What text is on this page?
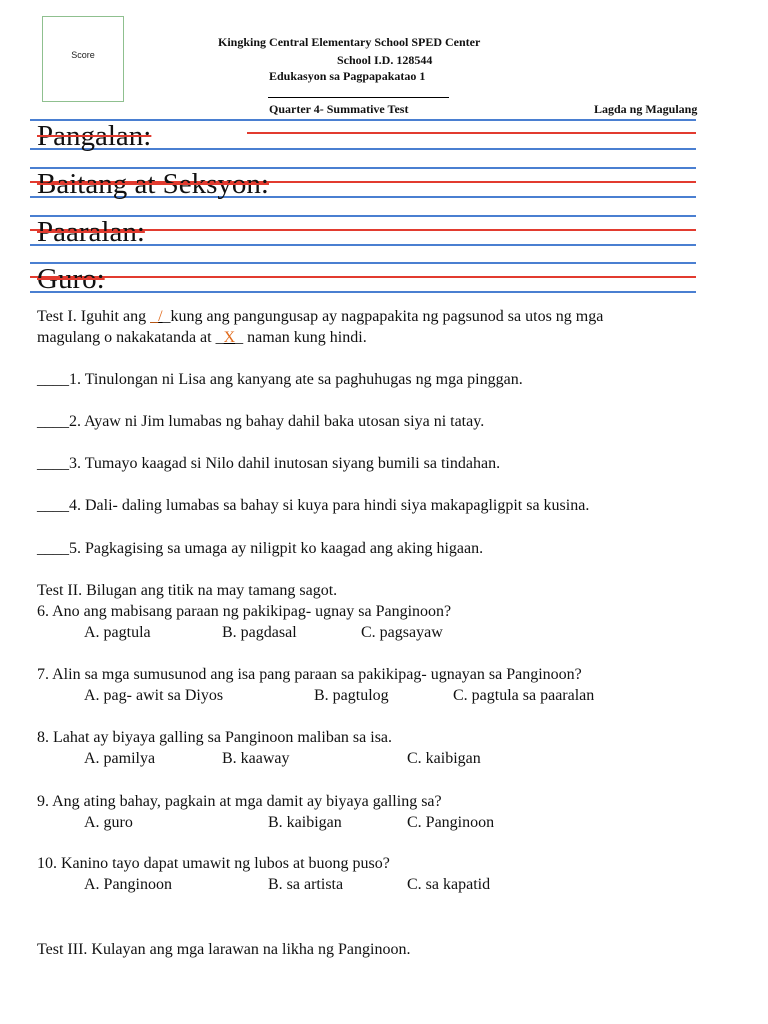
Score
Kingking Central Elementary School SPED Center
School I.D. 128544
Edukasyon sa Pagpapakatao 1
Quarter 4- Summative Test	Lagda ng Magulang
Pangalan:
Baitang at Seksyon:
Paaralan:
Guro:
Test I. Iguhit ang _/_kung ang pangungusap ay nagpapakita ng pagsunod sa utos ng mga
magulang o nakakatanda at _X_ naman kung hindi.
____1. Tinulongan ni Lisa ang kanyang ate sa paghuhugas ng mga pinggan.
____2. Ayaw ni Jim lumabas ng bahay dahil baka utosan siya ni tatay.
____3. Tumayo kaagad si Nilo dahil inutosan siyang bumili sa tindahan.
____4. Dali- daling lumabas sa bahay si kuya para hindi siya makapagligpit sa kusina.
____5. Pagkagising sa umaga ay niligpit ko kaagad ang aking higaan.
Test II. Bilugan ang titik na may tamang sagot.
6. Ano ang mabisang paraan ng pakikipag- ugnay sa Panginoon?
A. pagtula	B. pagdasal	C. pagsayaw
7. Alin sa mga sumusunod ang isa pang paraan sa pakikipag- ugnayan sa Panginoon?
A. pag- awit sa Diyos	B. pagtulog	C. pagtula sa paaralan
8. Lahat ay biyaya galling sa Panginoon maliban sa isa.
A. pamilya	B. kaaway	C. kaibigan
9. Ang ating bahay, pagkain at mga damit ay biyaya galling sa?
A. guro	B. kaibigan	C. Panginoon
10. Kanino tayo dapat umawit ng lubos at buong puso?
A. Panginoon	B. sa artista	C. sa kapatid
Test III. Kulayan ang mga larawan na likha ng Panginoon.
